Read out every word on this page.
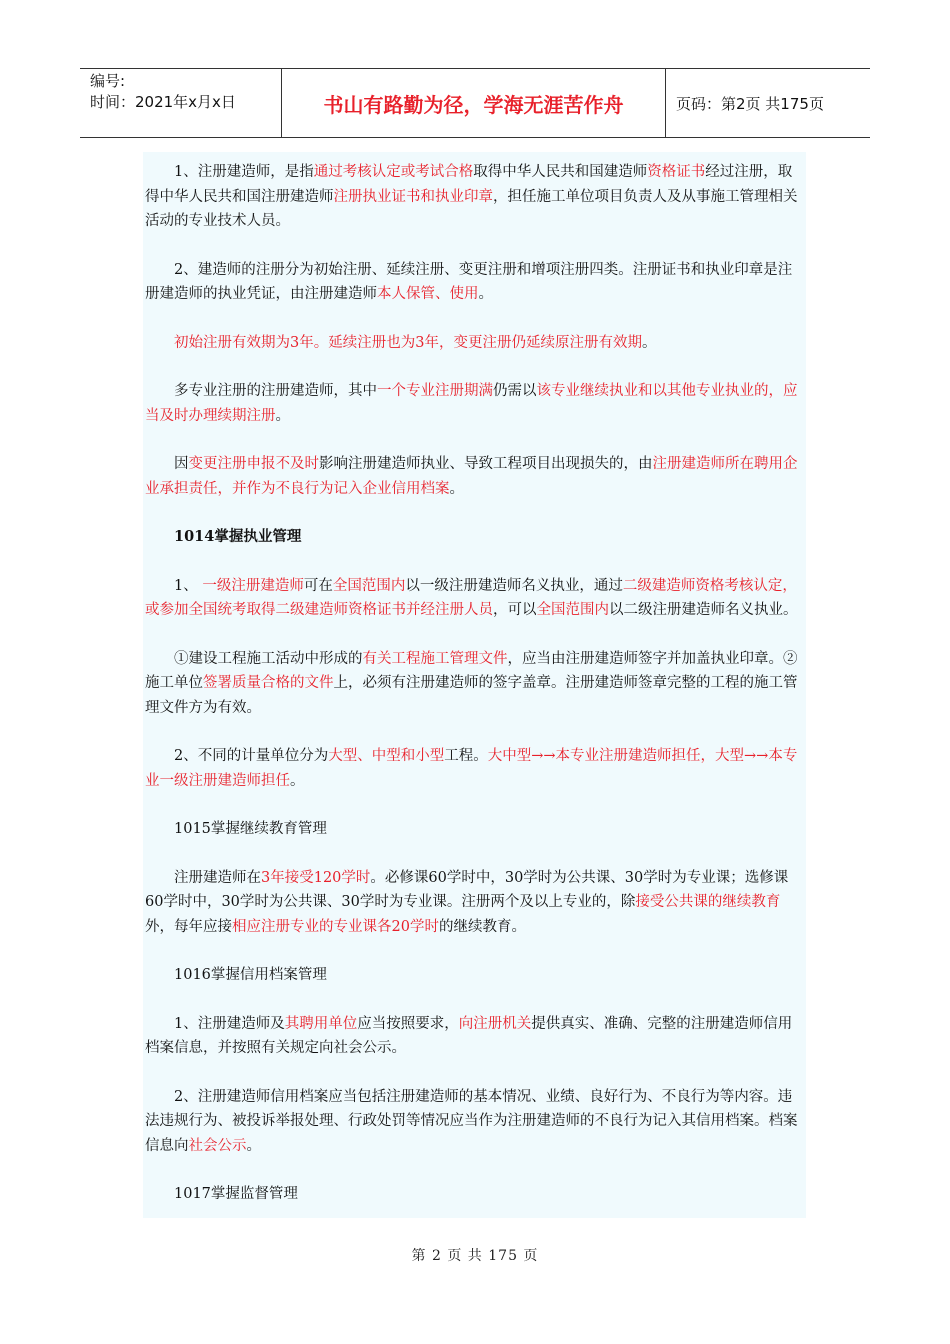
编号:
时间：2021年x月x日	书山有路勤为径，学海无涯苦作舟	页码：第2页 共175页

1、注册建造师，是指通过考核认定或考试合格取得中华人民共和国建造师资格证书经过注册，取得中华人民共和国注册建造师注册执业证书和执业印章，担任施工单位项目负责人及从事施工管理相关活动的专业技术人员。

2、建造师的注册分为初始注册、延续注册、变更注册和增项注册四类。注册证书和执业印章是注册建造师的执业凭证，由注册建造师本人保管、使用。

初始注册有效期为3年。延续注册也为3年，变更注册仍延续原注册有效期。

多专业注册的注册建造师，其中一个专业注册期满仍需以该专业继续执业和以其他专业执业的，应当及时办理续期注册。

因变更注册申报不及时影响注册建造师执业、导致工程项目出现损失的，由注册建造师所在聘用企业承担责任，并作为不良行为记入企业信用档案。

1014掌握执业管理

1、 一级注册建造师可在全国范围内以一级注册建造师名义执业，通过二级建造师资格考核认定，或参加全国统考取得二级建造师资格证书并经注册人员，可以全国范围内以二级注册建造师名义执业。

①建设工程施工活动中形成的有关工程施工管理文件，应当由注册建造师签字并加盖执业印章。②施工单位签署质量合格的文件上，必须有注册建造师的签字盖章。注册建造师签章完整的工程的施工管理文件方为有效。

2、不同的计量单位分为大型、中型和小型工程。大中型→→本专业注册建造师担任，大型→→本专业一级注册建造师担任。

1015掌握继续教育管理

注册建造师在3年接受120学时。必修课60学时中，30学时为公共课、30学时为专业课；选修课60学时中，30学时为公共课、30学时为专业课。注册两个及以上专业的，除接受公共课的继续教育外，每年应接相应注册专业的专业课各20学时的继续教育。

1016掌握信用档案管理

1、注册建造师及其聘用单位应当按照要求，向注册机关提供真实、准确、完整的注册建造师信用档案信息，并按照有关规定向社会公示。

2、注册建造师信用档案应当包括注册建造师的基本情况、业绩、良好行为、不良行为等内容。违法违规行为、被投诉举报处理、行政处罚等情况应当作为注册建造师的不良行为记入其信用档案。档案信息向社会公示。

1017掌握监督管理

第 2 页 共 175 页
